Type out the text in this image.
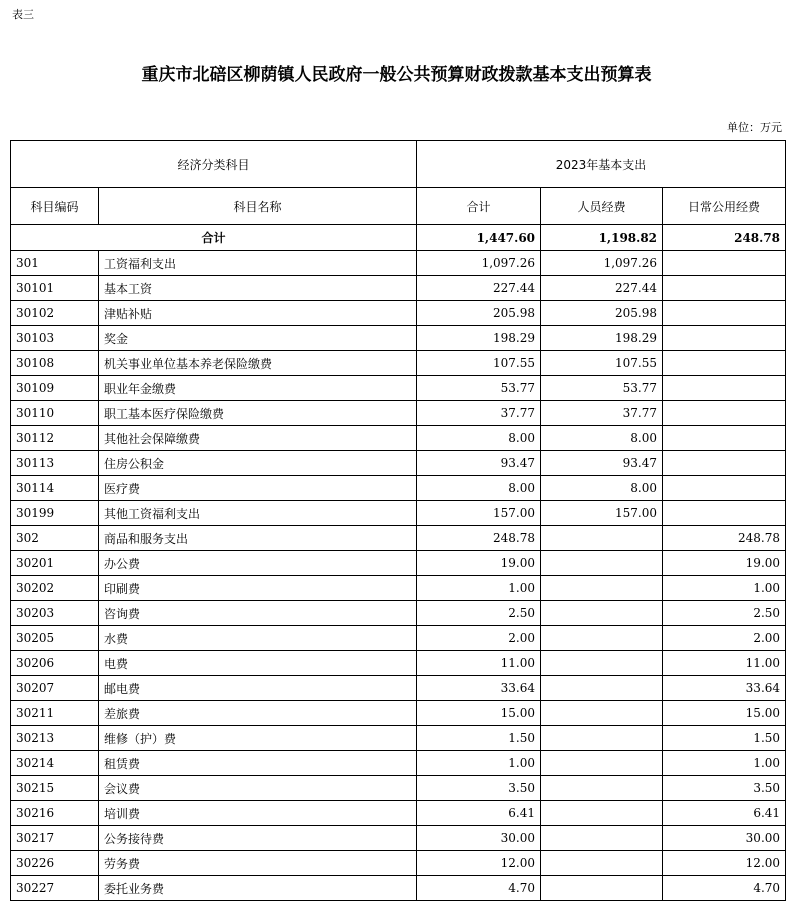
表三
重庆市北碚区柳荫镇人民政府一般公共预算财政拨款基本支出预算表
单位：万元
经济分类科目		2023年基本支出		
科目编码	科目名称	合计	人员经费	日常公用经费
合计		1,447.60	1,198.82	248.78
301	工资福利支出	1,097.26	1,097.26	
30101	基本工资	227.44	227.44	
30102	津贴补贴	205.98	205.98	
30103	奖金	198.29	198.29	
30108	机关事业单位基本养老保险缴费	107.55	107.55	
30109	职业年金缴费	53.77	53.77	
30110	职工基本医疗保险缴费	37.77	37.77	
30112	其他社会保障缴费	8.00	8.00	
30113	住房公积金	93.47	93.47	
30114	医疗费	8.00	8.00	
30199	其他工资福利支出	157.00	157.00	
302	商品和服务支出	248.78		248.78
30201	办公费	19.00		19.00
30202	印刷费	1.00		1.00
30203	咨询费	2.50		2.50
30205	水费	2.00		2.00
30206	电费	11.00		11.00
30207	邮电费	33.64		33.64
30211	差旅费	15.00		15.00
30213	维修（护）费	1.50		1.50
30214	租赁费	1.00		1.00
30215	会议费	3.50		3.50
30216	培训费	6.41		6.41
30217	公务接待费	30.00		30.00
30226	劳务费	12.00		12.00
30227	委托业务费	4.70		4.70
